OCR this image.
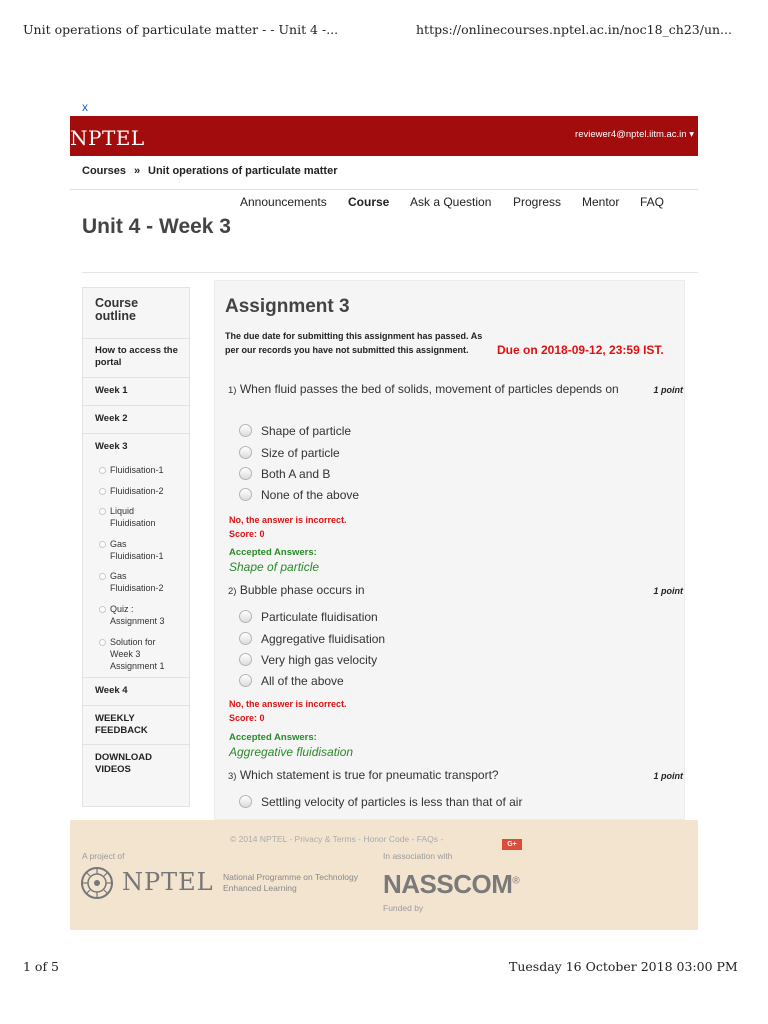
Unit operations of particulate matter - - Unit 4 -...	https://onlinecourses.nptel.ac.in/noc18_ch23/un...
x
NPTEL	reviewer4@nptel.iitm.ac.in ▾
Courses » Unit operations of particulate matter
Announcements Course Ask a Question Progress Mentor FAQ
Unit 4 - Week 3
Course outline
How to access the portal
Week 1
Week 2
Week 3
Fluidisation-1
Fluidisation-2
Liquid Fluidisation
Gas Fluidisation-1
Gas Fluidisation-2
Quiz : Assignment 3
Solution for Week 3 Assignment 1
Week 4
WEEKLY FEEDBACK
DOWNLOAD VIDEOS
Assignment 3
The due date for submitting this assignment has passed. As per our records you have not submitted this assignment.	Due on 2018-09-12, 23:59 IST.
1 point
1) When fluid passes the bed of solids, movement of particles depends on
Shape of particle
Size of particle
Both A and B
None of the above
No, the answer is incorrect.
Score: 0
Accepted Answers:
Shape of particle
1 point
2) Bubble phase occurs in
Particulate fluidisation
Aggregative fluidisation
Very high gas velocity
All of the above
No, the answer is incorrect.
Score: 0
Accepted Answers:
Aggregative fluidisation
1 point
3) Which statement is true for pneumatic transport?
Settling velocity of particles is less than that of air
© 2014 NPTEL - Privacy & Terms - Honor Code - FAQs -
G+
A project of
NPTEL National Programme on Technology Enhanced Learning
In association with
NASSCOM®
Funded by
1 of 5	Tuesday 16 October 2018 03:00 PM
